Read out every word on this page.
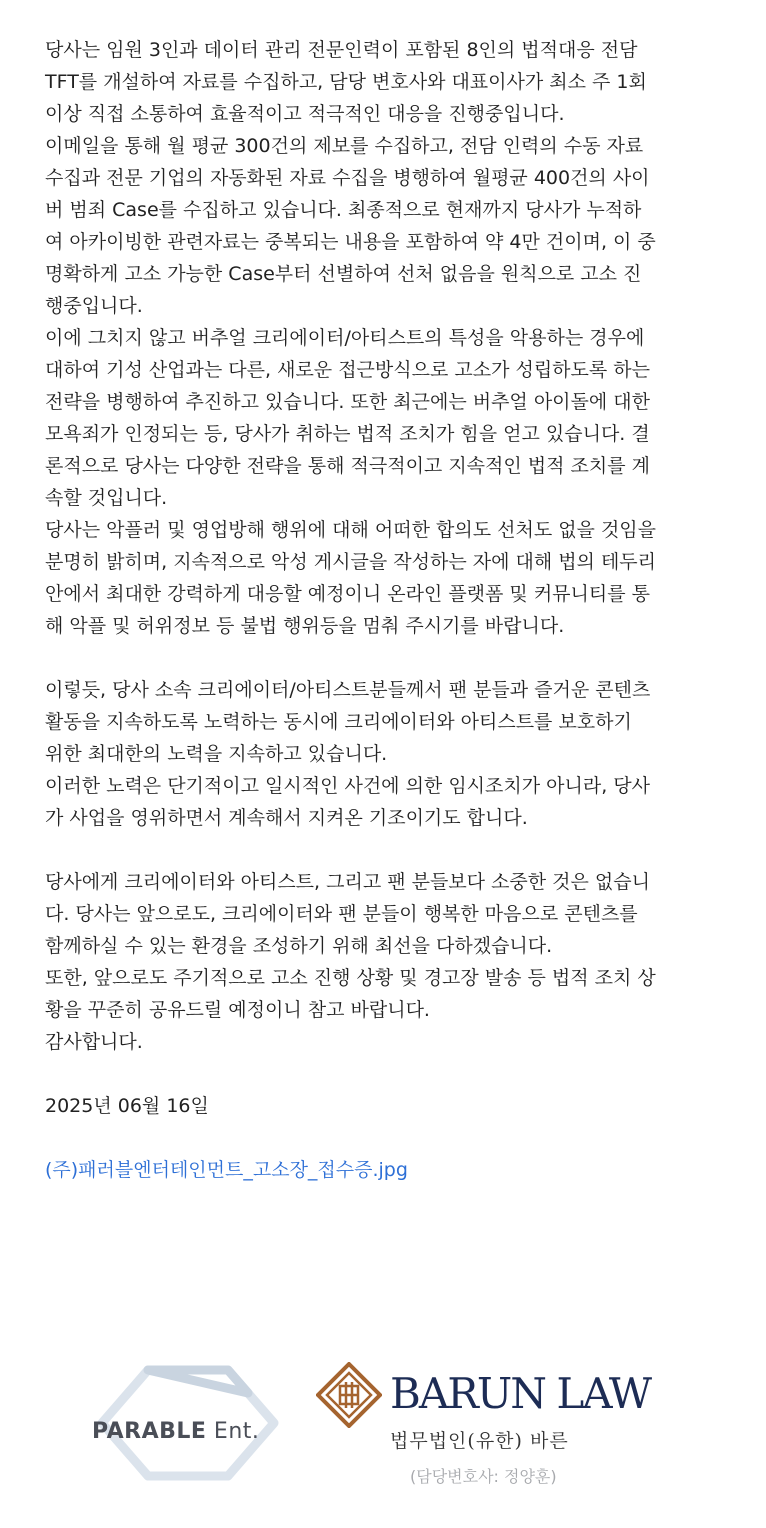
당사는 임원 3인과 데이터 관리 전문인력이 포함된 8인의 법적대응 전담
TFT를 개설하여 자료를 수집하고, 담당 변호사와 대표이사가 최소 주 1회
이상 직접 소통하여 효율적이고 적극적인 대응을 진행중입니다.

이메일을 통해 월 평균 300건의 제보를 수집하고, 전담 인력의 수동 자료
수집과 전문 기업의 자동화된 자료 수집을 병행하여 월평균 400건의 사이
버 범죄 Case를 수집하고 있습니다. 최종적으로 현재까지 당사가 누적하
여 아카이빙한 관련자료는 중복되는 내용을 포함하여 약 4만 건이며, 이 중
명확하게 고소 가능한 Case부터 선별하여 선처 없음을 원칙으로 고소 진
행중입니다.

이에 그치지 않고 버추얼 크리에이터/아티스트의 특성을 악용하는 경우에
대하여 기성 산업과는 다른, 새로운 접근방식으로 고소가 성립하도록 하는
전략을 병행하여 추진하고 있습니다. 또한 최근에는 버추얼 아이돌에 대한
모욕죄가 인정되는 등, 당사가 취하는 법적 조치가 힘을 얻고 있습니다. 결
론적으로 당사는 다양한 전략을 통해 적극적이고 지속적인 법적 조치를 계
속할 것입니다.

당사는 악플러 및 영업방해 행위에 대해 어떠한 합의도 선처도 없을 것임을
분명히 밝히며, 지속적으로 악성 게시글을 작성하는 자에 대해 법의 테두리
안에서 최대한 강력하게 대응할 예정이니 온라인 플랫폼 및 커뮤니티를 통
해 악플 및 허위정보 등 불법 행위등을 멈춰 주시기를 바랍니다.

이렇듯, 당사 소속 크리에이터/아티스트분들께서 팬 분들과 즐거운 콘텐츠
활동을 지속하도록 노력하는 동시에 크리에이터와 아티스트를 보호하기
위한 최대한의 노력을 지속하고 있습니다.

이러한 노력은 단기적이고 일시적인 사건에 의한 임시조치가 아니라, 당사
가 사업을 영위하면서 계속해서 지켜온 기조이기도 합니다.

당사에게 크리에이터와 아티스트, 그리고 팬 분들보다 소중한 것은 없습니
다. 당사는 앞으로도, 크리에이터와 팬 분들이 행복한 마음으로 콘텐츠를
함께하실 수 있는 환경을 조성하기 위해 최선을 다하겠습니다.

또한, 앞으로도 주기적으로 고소 진행 상황 및 경고장 발송 등 법적 조치 상
황을 꾸준히 공유드릴 예정이니 참고 바랍니다.

감사합니다.

2025년 06월 16일

(주)패러블엔터테인먼트_고소장_접수증.jpg
PARABLE Ent.
BARUN LAW
법무법인(유한) 바른
(담당변호사: 정양훈)
